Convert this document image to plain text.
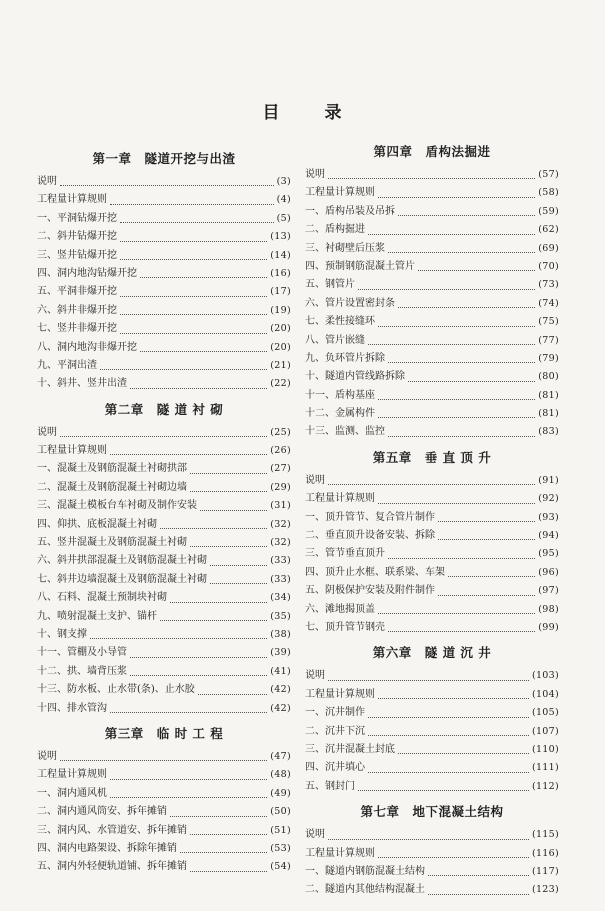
目	录
第一章　隧道开挖与出渣
说明	(3)
工程量计算规则	(4)
一、平洞钻爆开挖	(5)
二、斜井钻爆开挖	(13)
三、竖井钻爆开挖	(14)
四、洞内地沟钻爆开挖	(16)
五、平洞非爆开挖	(17)
六、斜井非爆开挖	(19)
七、竖井非爆开挖	(20)
八、洞内地沟非爆开挖	(20)
九、平洞出渣	(21)
十、斜井、竖井出渣	(22)
第二章　隧 道 衬 砌
说明	(25)
工程量计算规则	(26)
一、混凝土及钢筋混凝土衬砌拱部	(27)
二、混凝土及钢筋混凝土衬砌边墙	(29)
三、混凝土模板台车衬砌及制作安装	(31)
四、仰拱、底板混凝土衬砌	(32)
五、竖井混凝土及钢筋混凝土衬砌	(32)
六、斜井拱部混凝土及钢筋混凝土衬砌	(33)
七、斜井边墙混凝土及钢筋混凝土衬砌	(33)
八、石料、混凝土预制块衬砌	(34)
九、喷射混凝土支护、锚杆	(35)
十、钢支撑	(38)
十一、管棚及小导管	(39)
十二、拱、墙背压浆	(41)
十三、防水板、止水带(条)、止水胶	(42)
十四、排水管沟	(42)
第三章　临 时 工 程
说明	(47)
工程量计算规则	(48)
一、洞内通风机	(49)
二、洞内通风筒安、拆年摊销	(50)
三、洞内风、水管道安、拆年摊销	(51)
四、洞内电路架设、拆除年摊销	(53)
五、洞内外轻便轨道铺、拆年摊销	(54)
第四章　盾构法掘进
说明	(57)
工程量计算规则	(58)
一、盾构吊装及吊拆	(59)
二、盾构掘进	(62)
三、衬砌壁后压浆	(69)
四、预制钢筋混凝土管片	(70)
五、钢管片	(73)
六、管片设置密封条	(74)
七、柔性接缝环	(75)
八、管片嵌缝	(77)
九、负环管片拆除	(79)
十、隧道内管线路拆除	(80)
十一、盾构基座	(81)
十二、金属构件	(81)
十三、监测、监控	(83)
第五章　垂 直 顶 升
说明	(91)
工程量计算规则	(92)
一、顶升管节、复合管片制作	(93)
二、垂直顶升设备安装、拆除	(94)
三、管节垂直顶升	(95)
四、顶升止水框、联系梁、车架	(96)
五、阴极保护安装及附件制作	(97)
六、滩地揭顶盖	(98)
七、顶升管节钢壳	(99)
第六章　隧 道 沉 井
说明	(103)
工程量计算规则	(104)
一、沉井制作	(105)
二、沉井下沉	(107)
三、沉井混凝土封底	(110)
四、沉井填心	(111)
五、钢封门	(112)
第七章　地下混凝土结构
说明	(115)
工程量计算规则	(116)
一、隧道内钢筋混凝土结构	(117)
二、隧道内其他结构混凝土	(123)
